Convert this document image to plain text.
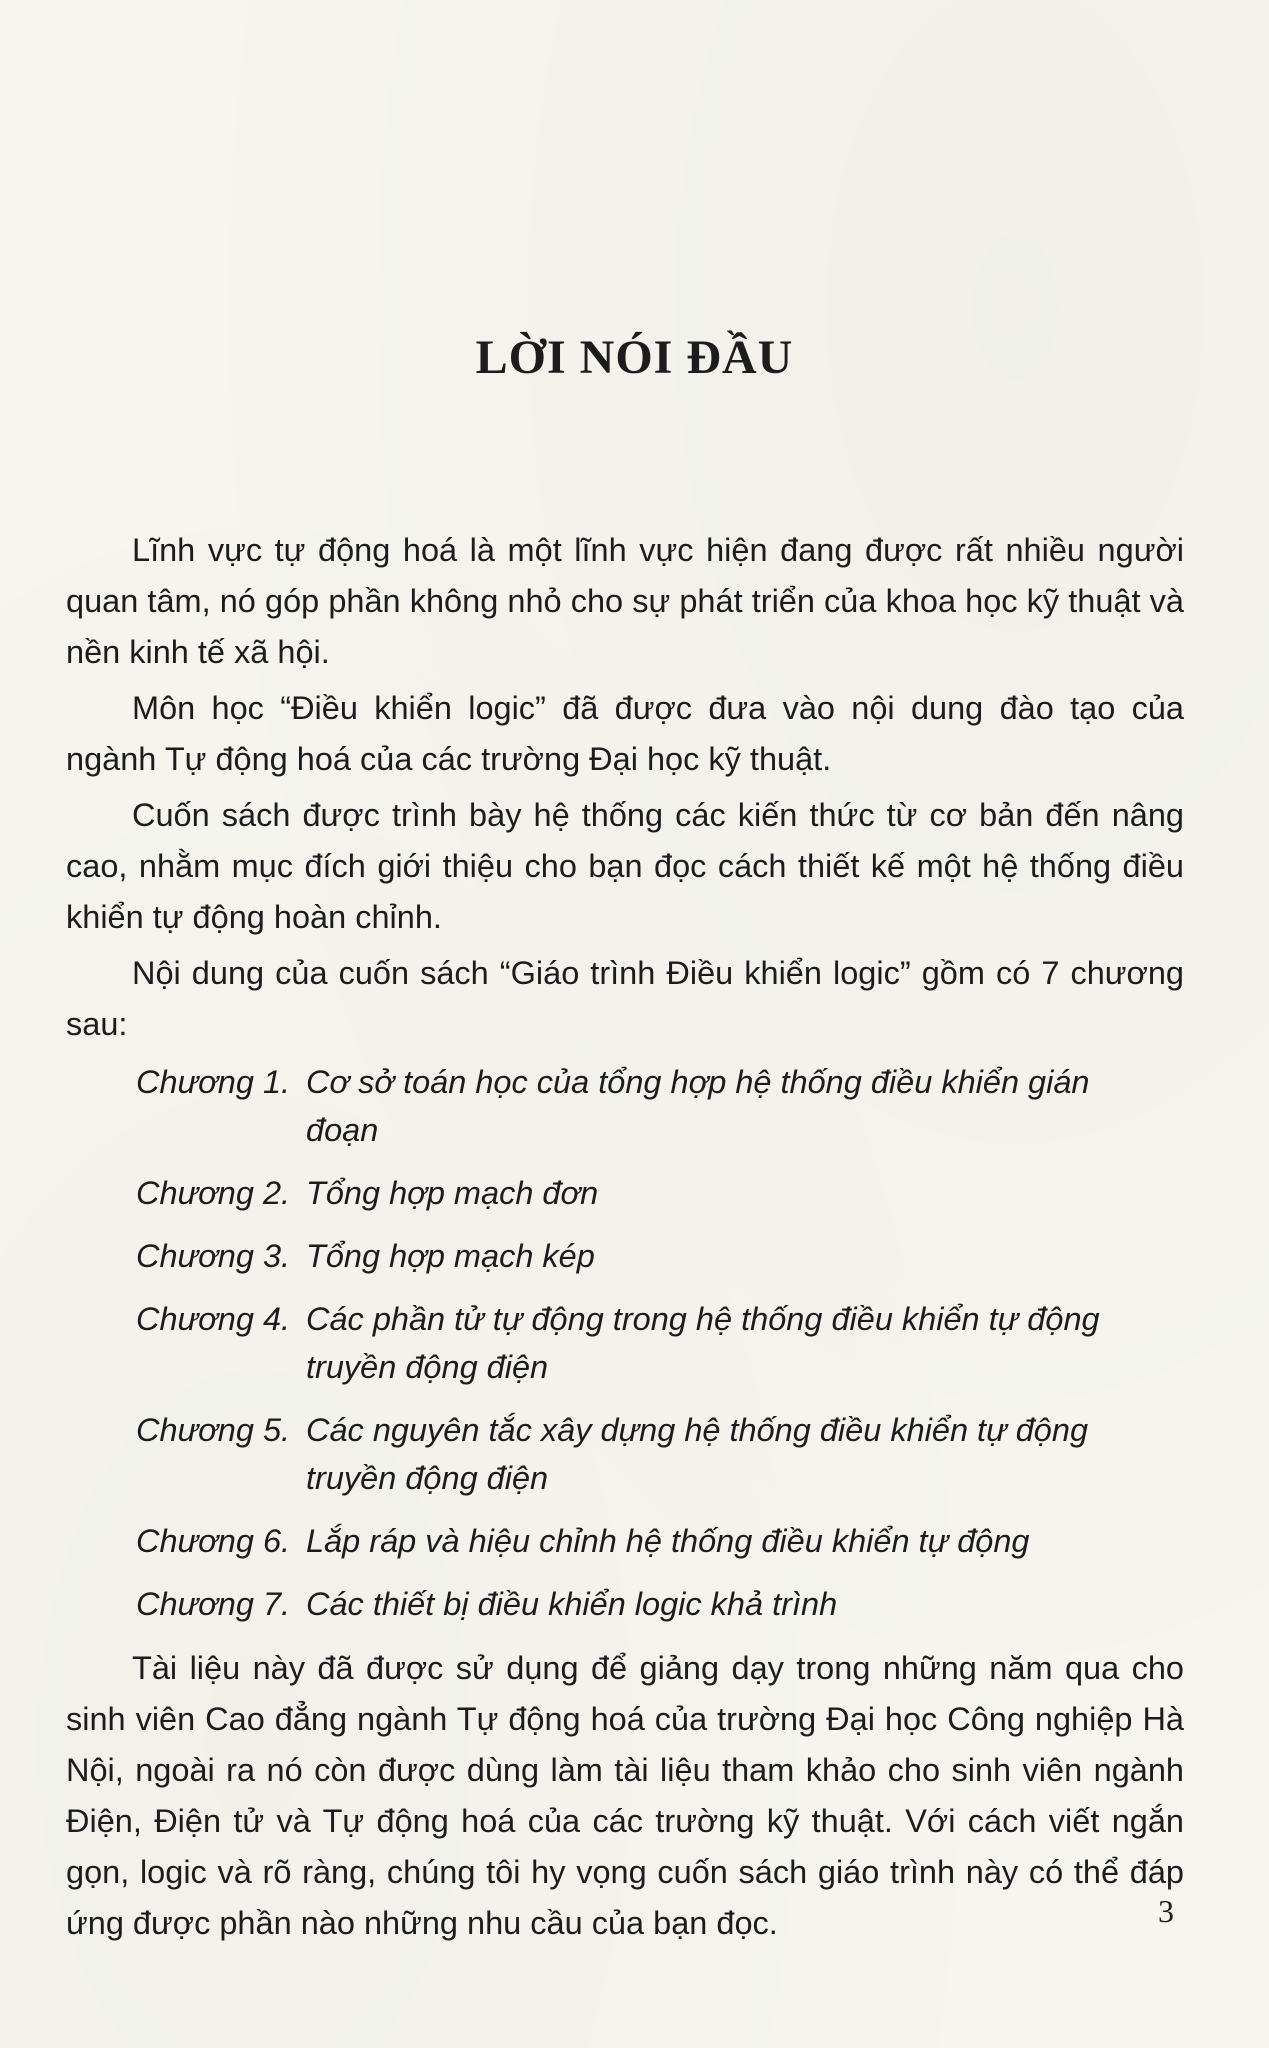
LỜI NÓI ĐẦU

Lĩnh vực tự động hoá là một lĩnh vực hiện đang được rất nhiều người quan tâm, nó góp phần không nhỏ cho sự phát triển của khoa học kỹ thuật và nền kinh tế xã hội.

Môn học “Điều khiển logic” đã được đưa vào nội dung đào tạo của ngành Tự động hoá của các trường Đại học kỹ thuật.

Cuốn sách được trình bày hệ thống các kiến thức từ cơ bản đến nâng cao, nhằm mục đích giới thiệu cho bạn đọc cách thiết kế một hệ thống điều khiển tự động hoàn chỉnh.

Nội dung của cuốn sách “Giáo trình Điều khiển logic” gồm có 7 chương sau:

Chương 1. Cơ sở toán học của tổng hợp hệ thống điều khiển gián đoạn
Chương 2. Tổng hợp mạch đơn
Chương 3. Tổng hợp mạch kép
Chương 4. Các phần tử tự động trong hệ thống điều khiển tự động truyền động điện
Chương 5. Các nguyên tắc xây dựng hệ thống điều khiển tự động truyền động điện
Chương 6. Lắp ráp và hiệu chỉnh hệ thống điều khiển tự động
Chương 7. Các thiết bị điều khiển logic khả trình

Tài liệu này đã được sử dụng để giảng dạy trong những năm qua cho sinh viên Cao đẳng ngành Tự động hoá của trường Đại học Công nghiệp Hà Nội, ngoài ra nó còn được dùng làm tài liệu tham khảo cho sinh viên ngành Điện, Điện tử và Tự động hoá của các trường kỹ thuật. Với cách viết ngắn gọn, logic và rõ ràng, chúng tôi hy vọng cuốn sách giáo trình này có thể đáp ứng được phần nào những nhu cầu của bạn đọc.	3
